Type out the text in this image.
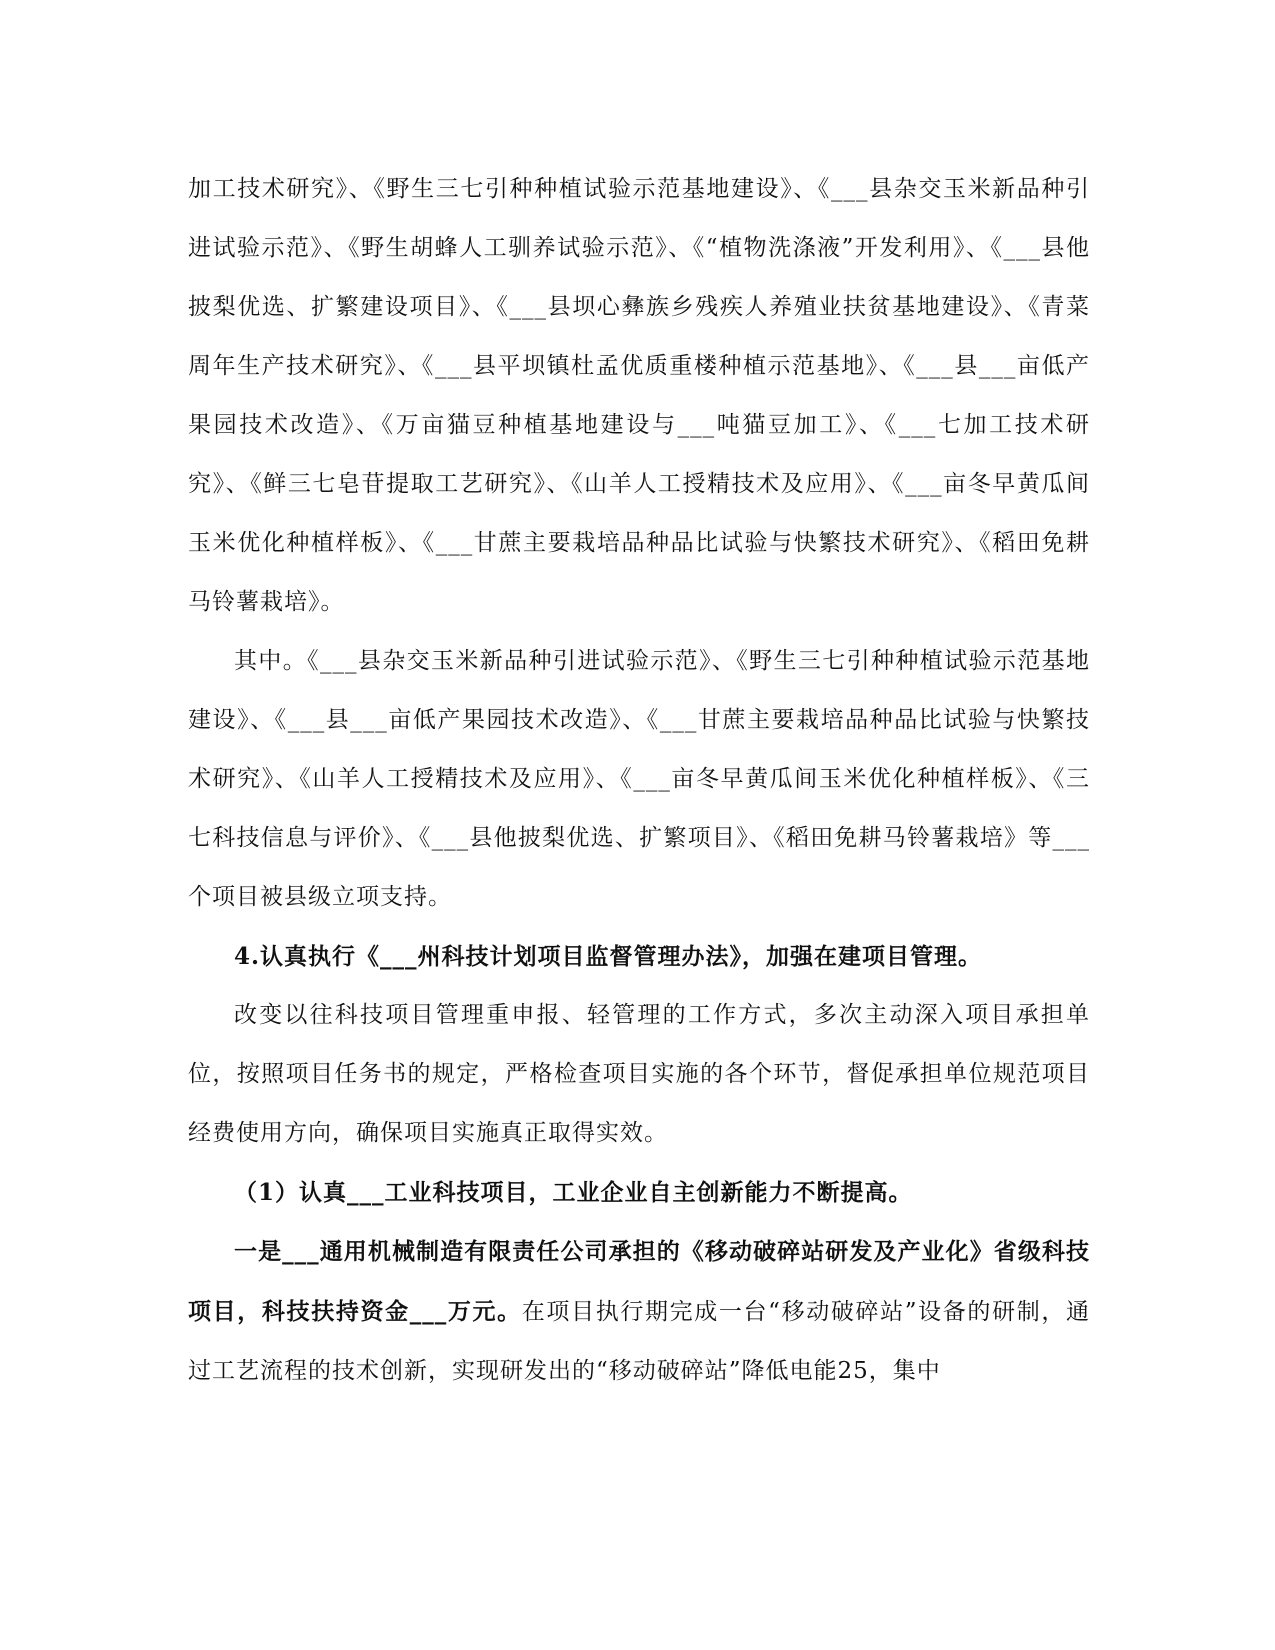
加工技术研究》、《野生三七引种种植试验示范基地建设》、《___县杂交玉米新品种引进试验示范》、《野生胡蜂人工驯养试验示范》、《“植物洗涤液”开发利用》、《___县他披梨优选、扩繁建设项目》、《___县坝心彝族乡残疾人养殖业扶贫基地建设》、《青菜周年生产技术研究》、《___县平坝镇杜孟优质重楼种植示范基地》、《___县___亩低产果园技术改造》、《万亩猫豆种植基地建设与___吨猫豆加工》、《___七加工技术研究》、《鲜三七皂苷提取工艺研究》、《山羊人工授精技术及应用》、《___亩冬早黄瓜间玉米优化种植样板》、《___甘蔗主要栽培品种品比试验与快繁技术研究》、《稻田免耕马铃薯栽培》。

其中。《___县杂交玉米新品种引进试验示范》、《野生三七引种种植试验示范基地建设》、《___县___亩低产果园技术改造》、《___甘蔗主要栽培品种品比试验与快繁技术研究》、《山羊人工授精技术及应用》、《___亩冬早黄瓜间玉米优化种植样板》、《三七科技信息与评价》、《___县他披梨优选、扩繁项目》、《稻田免耕马铃薯栽培》等___个项目被县级立项支持。

4.认真执行《___州科技计划项目监督管理办法》，加强在建项目管理。

改变以往科技项目管理重申报、轻管理的工作方式，多次主动深入项目承担单位，按照项目任务书的规定，严格检查项目实施的各个环节，督促承担单位规范项目经费使用方向，确保项目实施真正取得实效。

（1）认真___工业科技项目，工业企业自主创新能力不断提高。

一是___通用机械制造有限责任公司承担的《移动破碎站研发及产业化》省级科技项目，科技扶持资金___万元。在项目执行期完成一台“移动破碎站”设备的研制，通过工艺流程的技术创新，实现研发出的“移动破碎站”降低电能25，集中
